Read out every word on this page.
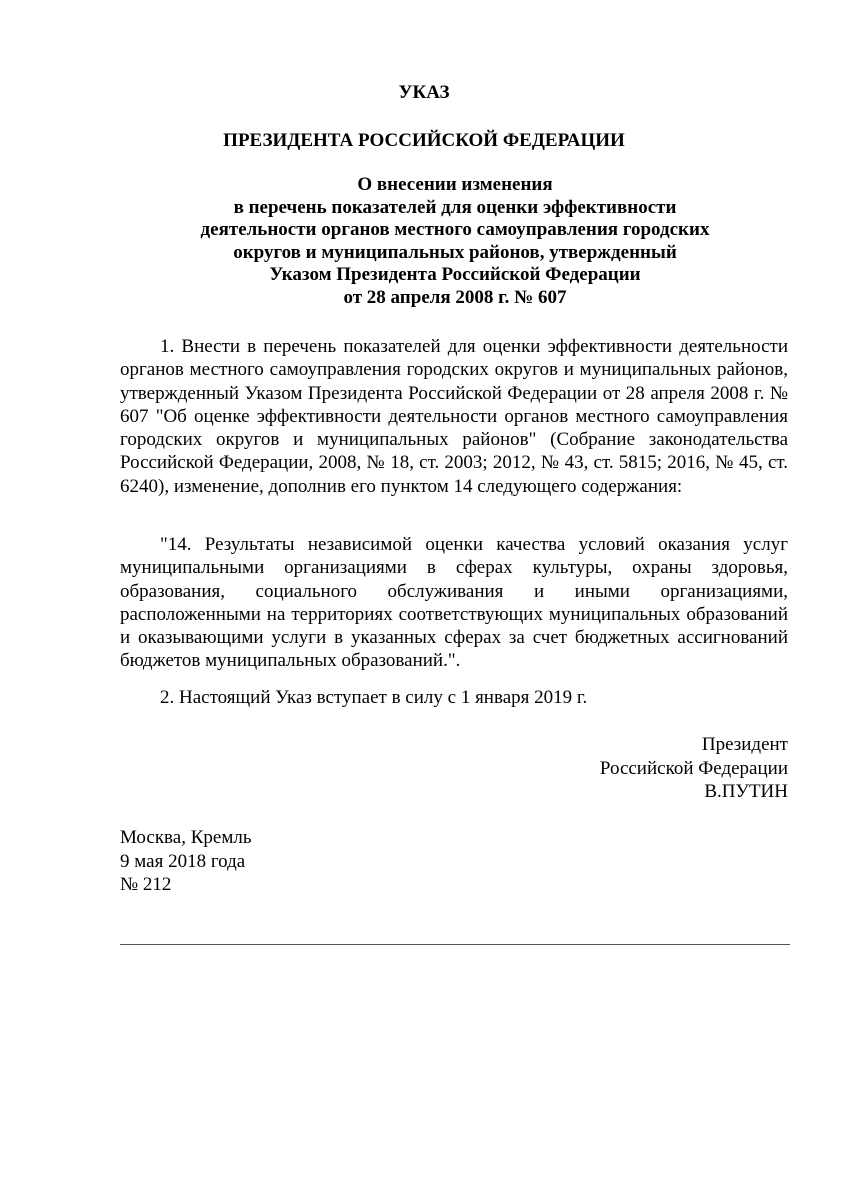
УКАЗ
ПРЕЗИДЕНТА РОССИЙСКОЙ ФЕДЕРАЦИИ
О внесении изменения
в перечень показателей для оценки эффективности
деятельности органов местного самоуправления городских
округов и муниципальных районов, утвержденный
Указом Президента Российской Федерации
от 28 апреля 2008 г. № 607

1. Внести в перечень показателей для оценки эффективности деятельности органов местного самоуправления городских округов и муниципальных районов, утвержденный Указом Президента Российской Федерации от 28 апреля 2008 г. № 607 "Об оценке эффективности деятельности органов местного самоуправления городских округов и муниципальных районов" (Собрание законодательства Российской Федерации, 2008, № 18, ст. 2003; 2012, № 43, ст. 5815; 2016, № 45, ст. 6240), изменение, дополнив его пунктом 14 следующего содержания:

"14. Результаты независимой оценки качества условий оказания услуг муниципальными организациями в сферах культуры, охраны здоровья, образования, социального обслуживания и иными организациями, расположенными на территориях соответствующих муниципальных образований и оказывающими услуги в указанных сферах за счет бюджетных ассигнований бюджетов муниципальных образований.".

2. Настоящий Указ вступает в силу с 1 января 2019 г.

Президент
Российской Федерации
В.ПУТИН
Москва, Кремль
9 мая 2018 года
№ 212
